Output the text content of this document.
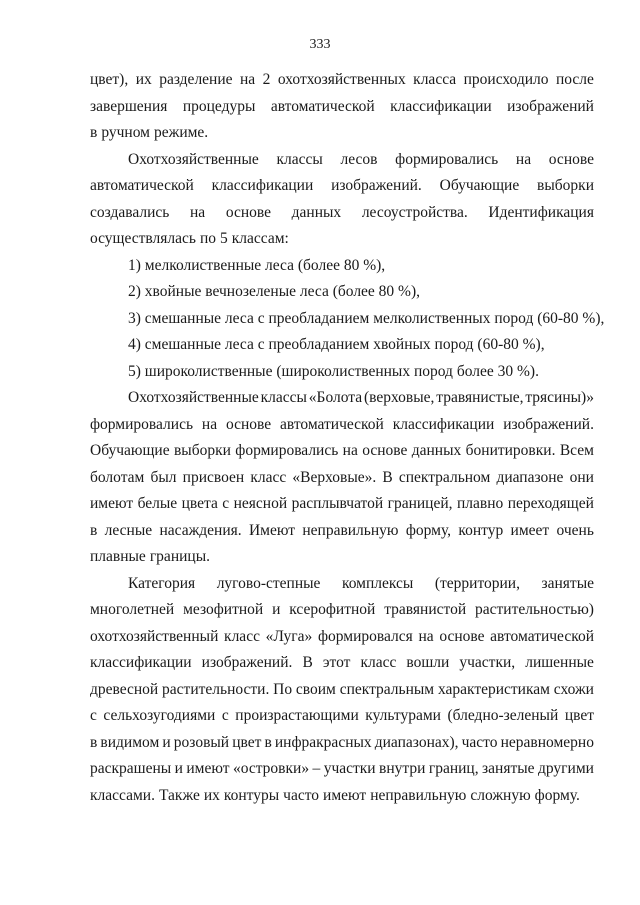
333
цвет), их разделение на 2 охотхозяйственных класса происходило после
завершения процедуры автоматической классификации изображений
в ручном режиме.
Охотхозяйственные классы лесов формировались на основе
автоматической классификации изображений. Обучающие выборки
создавались на основе данных лесоустройства. Идентификация
осуществлялась по 5 классам:
1) мелколиственные леса (более 80 %),
2) хвойные вечнозеленые леса (более 80 %),
3) смешанные леса с преобладанием мелколиственных пород (60-80 %),
4) смешанные леса с преобладанием хвойных пород (60-80 %),
5) широколиственные (широколиственных пород более 30 %).
Охотхозяйственные классы «Болота (верховые, травянистые, трясины)»
формировались на основе автоматической классификации изображений.
Обучающие выборки формировались на основе данных бонитировки. Всем
болотам был присвоен класс «Верховые». В спектральном диапазоне они
имеют белые цвета с неясной расплывчатой границей, плавно переходящей
в лесные насаждения. Имеют неправильную форму, контур имеет очень
плавные границы.
Категория лугово-степные комплексы (территории, занятые
многолетней мезофитной и ксерофитной травянистой растительностью)
охотхозяйственный класс «Луга» формировался на основе автоматической
классификации изображений. В этот класс вошли участки, лишенные
древесной растительности. По своим спектральным характеристикам схожи
с сельхозугодиями с произрастающими культурами (бледно-зеленый цвет
в видимом и розовый цвет в инфракрасных диапазонах), часто неравномерно
раскрашены и имеют «островки» – участки внутри границ, занятые другими
классами. Также их контуры часто имеют неправильную сложную форму.
